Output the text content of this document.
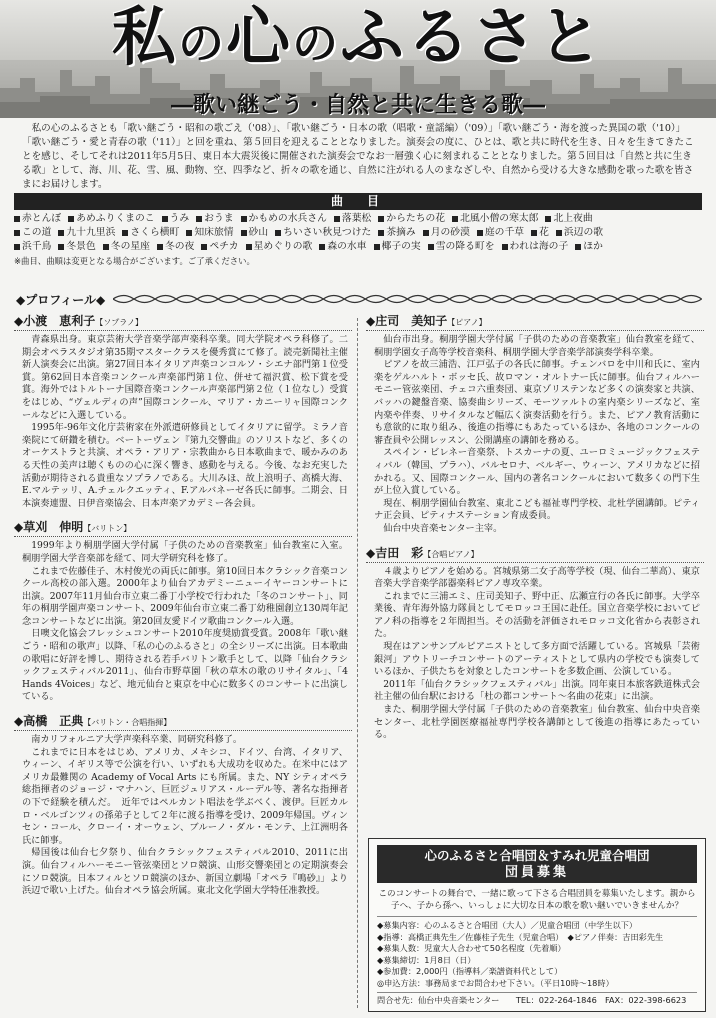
私の心のふるさと
―歌い継ごう・自然と共に生きる歌―
私の心のふるさとも「歌い継ごう・昭和の歌ごえ（'08）」、「歌い継ごう・日本の歌（唱歌・童謡編）（'09）」「歌い継ごう・海を渡った異国の歌（'10）」「歌い継ごう・愛と青春の歌（'11）」と回を重ね、第５回目を迎えることとなりました。演奏会の度に、ひとは、歌と共に時代を生き、日々を生きてきたことを感じ、そしてそれは2011年5月5日、東日本大震災後に開催された演奏会でなお一層強く心に刻まれることとなりました。第５回目は「自然と共に生きる歌」として、海、川、花、雪、風、動物、空、四季など、折々の歌を通じ、自然に注がれる人のまなざしや、自然から受ける大きな感動を歌った歌を皆さまにお届けします。
曲　目
赤とんぼ あめふりくまのこ うみ おうま かもめの水兵さん 落葉松 からたちの花 北風小僧の寒太郎 北上夜曲
この道 九十九里浜 さくら横町 知床旅情 砂山 ちいさい秋見つけた 茶摘み 月の砂漠 庭の千草 花 浜辺の歌
浜千鳥 冬景色 冬の星座 冬の夜 ペチカ 星めぐりの歌 森の水車 椰子の実 雪の降る町を われは海の子 ほか
※曲目、曲順は変更となる場合がございます。ご了承ください。
◆プロフィール◆
◆小渡　恵利子【ソプラノ】
青森県出身。東京芸術大学音楽学部声楽科卒業。同大学院オペラ科修了。二期会オペラスタジオ第35期マスタークラスを優秀賞にて修了。読売新聞社主催新人演奏会に出演。第27回日本イタリア声楽コンコルソ・シエナ部門第１位受賞。第62回日本音楽コンクール声楽部門第１位、併せて福沢賞、松下賞を受賞。海外ではトルトーナ国際音楽コンクール声楽部門第２位（１位なし）受賞をはじめ、“ヴェルディの声”国際コンクール、マリア・カニーリャ国際コンクールなどに入選している。
1995年-96年文化庁芸術家在外派遣研修員としてイタリアに留学。ミラノ音楽院にて研鑽を積む。ベートーヴェン『第九交響曲』のソリストなど、多くのオーケストラと共演、オペラ・アリア・宗教曲から日本歌曲まで、暖かみのある天性の美声は聴くものの心に深く響き、感動を与える。今後、なお充実した活動が期待される貴重なソプラノである。大川みほ、故上浪明子、高橋大海、E.マルテッリ、A.チェルクエッティ、F.アルバネーゼ各氏に師事。二期会、日本演奏連盟、日伊音楽協会、日本声楽アカデミー各会員。
◆草刈　伸明【バリトン】
1999年より桐朋学園大学付属「子供のための音楽教室」仙台教室に入室。桐朋学園大学音楽部を経て、同大学研究科を修了。
これまで佐藤佳子、木村俊光の両氏に師事。第10回日本クラシック音楽コンクール高校の部入選。2000年より仙台アカデミーニューイヤーコンサートに出演。2007年11月仙台市立東二番丁小学校で行われた「冬のコンサート」、同年の桐朋学園声楽コンサート、2009年仙台市立東二番丁幼稚園創立130周年記念コンサートなどに出演。第20回友愛ドイツ歌曲コンクール入選。
日噢文化協会フレッシュコンサート2010年度奨励賞受賞。2008年「歌い継ごう・昭和の歌声」以降、「私の心のふるさと」の全シリーズに出演。日本歌曲の歌唱に好評を博し、期待される若手バリトン歌手として、以降「仙台クラシックフェスティバル2011」、仙台市野草園「秋の草木の歌のリサイタル」、「4 Hands 4Voices」など、地元仙台と東京を中心に数多くのコンサートに出演している。
◆高橋　正典【バリトン・合唱指揮】
南カリフォルニア大学声楽科卒業、同研究科修了。
これまでに日本をはじめ、アメリカ、メキシコ、ドイツ、台湾、イタリア、ウィーン、イギリス等で公演を行い、いずれも大成功を収めた。在米中にはアメリカ最難関の Academy of Vocal Arts にも所属。また、NY シティオペラ総指揮者のジョージ・マナハン、巨匠ジュリアス・ルーデル等、著名な指揮者の下で経験を積んだ。　近年ではペルカント唱法を学ぶべく、渡伊。巨匠カルロ・ベルゴンツィの孫弟子として２年に渡る指導を受け、2009年帰国。ヴィンセン・コール、クローイ・オーウェン、ブルーノ・ダル・モンテ、上江洲明各氏に師事。
帰国後は仙台七夕祭り、仙台クラシックフェスティバル2010、2011に出演。仙台フィルハーモニー管弦楽団とソロ競演、山形交響楽団との定期演奏会にソロ競演。日本フィルとソロ競演のほか、新国立劇場「オペラ『鳴砂』」より浜辺で歌い上げた。仙台オペラ協会所属。東北文化学園大学特任准教授。
◆庄司　美知子【ピアノ】
仙台市出身。桐朋学園大学付属「子供のための音楽教室」仙台教室を経て、桐朋学園女子高等学校音楽科、桐朋学園大学音楽学部演奏学科卒業。
ピアノを故三浦浩、江戸弘子の各氏に師事。チェンバロを中川和氏に、室内楽をゲルハルト・ボッセ氏、故ロマン・オルトナー氏に師事。仙台フィルハーモニー管弦楽団、チェコ六重奏団、東京ゾリステンなど多くの演奏家と共演、バッハの鍵盤音楽、協奏曲シリーズ、モーツァルトの室内楽シリーズなど、室内楽や伴奏、リサイタルなど幅広く演奏活動を行う。また、ピアノ教育活動にも意欲的に取り組み、後進の指導にもあたっているほか、各地のコンクールの審査員や公開レッスン、公開講座の講師を務める。
スペイン・ビレネー音楽祭、トスカーナの夏、ユーロミュージックフェスティバル（韓国、プラハ）、バルセロナ、ベルギー、ウィーン、アメリカなどに招かれる。又、国際コンクール、国内の著名コンクールにおいて数多くの門下生が上位入賞している。
現在、桐朋学園仙台教室、東北こども福祉専門学校、北杜学園講師。ピティナ正会員、ピティナステーション育成委員。
仙台中央音楽センター主宰。
◆吉田　彩【合唱ピアノ】
４歳よりピアノを始める。宮城県第二女子高等学校（現、仙台二華高）、東京音楽大学音楽学部器楽科ピアノ専攻卒業。
これまでに三浦エミ、庄司美知子、野中正、広瀬宣行の各氏に師事。大学卒業後、青年海外協力隊員としてモロッコ王国に赴任。国立音楽学校においてピアノ科の指導を２年間担当。その活動を評価されモロッコ文化省から表彰された。
現在はアンサンブルピアニストとして多方面で活躍している。宮城県「芸術銀河」アウトリーチコンサートのアーティストとして県内の学校でも演奏しているほか、子供たちを対象としたコンサートを多数企画、公演している。
2011年「仙台クラシックフェスティバル」出演。同年東日本旅客鉄道株式会社主催の仙台駅における「杜の都コンサート～名曲の花束」に出演。
また、桐朋学園大学付属「子供のための音楽教室」仙台教室、仙台中央音楽センター、北杜学園医療福祉専門学校各講師として後進の指導にあたっている。
心のふるさと合唱団＆すみれ児童合唱団
団員募集
このコンサートの舞台で、一緒に歌って下さる合唱団員を募集いたします。親から子へ、子から孫へ、いっしょに大切な日本の歌を歌い継いでいきませんか？
◆募集内容：心のふるさと合唱団（大人）／児童合唱団（中学生以下）
◆指導：高橋正典先生／佐藤桂子先生（児童合唱）　◆ピアノ伴奏：吉田彩先生
◆募集人数：児童大人合わせて50名程度（先着順）
◆募集締切：1月8日（日）
◆参加費：2,000円（指導料／楽譜資料代として）
◎申込方法：事務局までお問合わせ下さい。（平日10時～18時）
問合せ先：仙台中央音楽センター　　TEL：022-264-1846　FAX：022-398-6623
